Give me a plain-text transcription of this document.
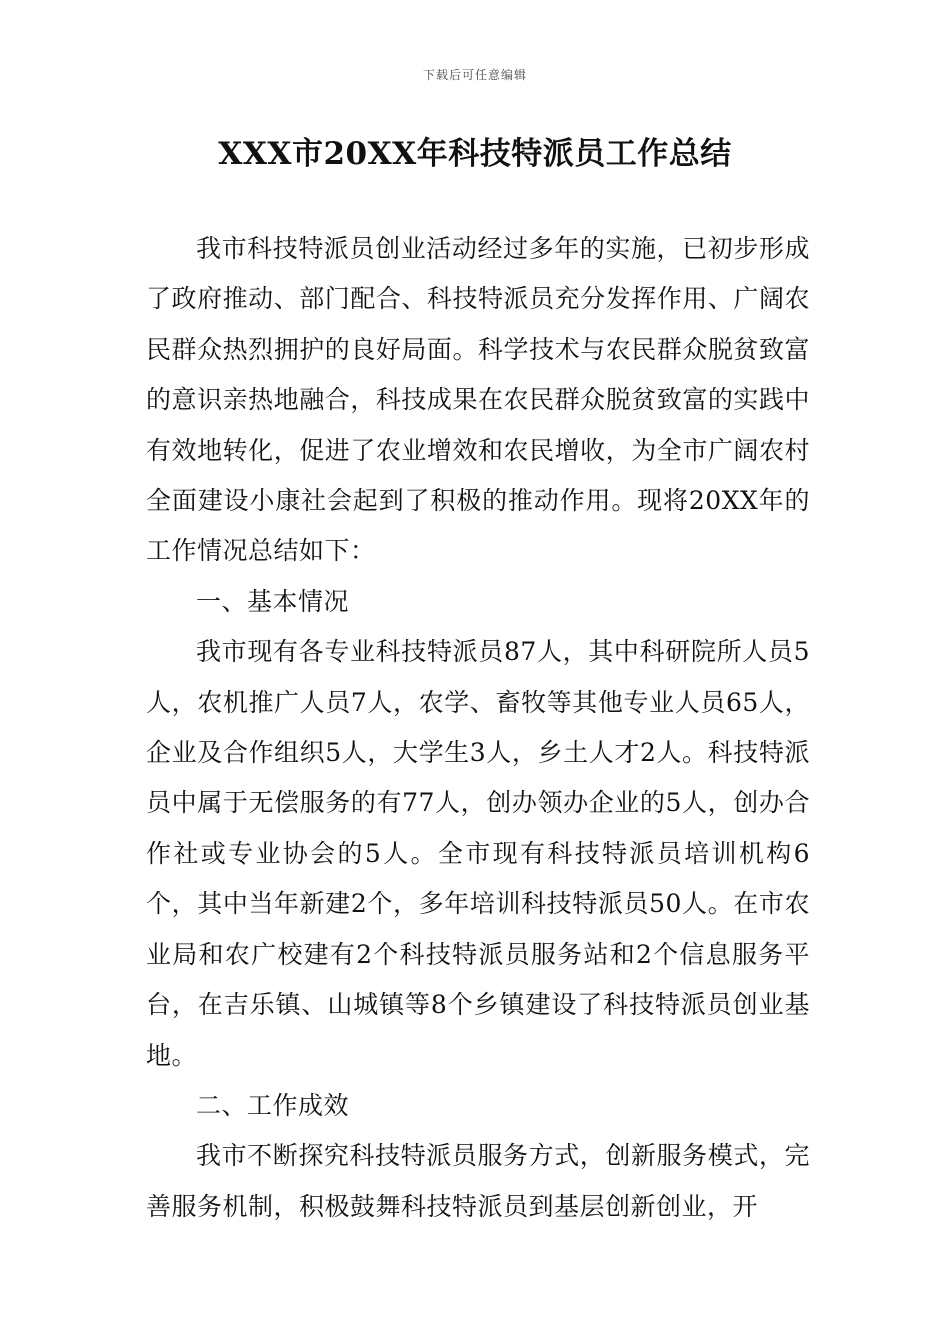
下载后可任意编辑
XXX市20XX年科技特派员工作总结

我市科技特派员创业活动经过多年的实施，已初步形成了政府推动、部门配合、科技特派员充分发挥作用、广阔农民群众热烈拥护的良好局面。科学技术与农民群众脱贫致富的意识亲热地融合，科技成果在农民群众脱贫致富的实践中有效地转化，促进了农业增效和农民增收，为全市广阔农村全面建设小康社会起到了积极的推动作用。现将20XX年的工作情况总结如下：

一、基本情况

我市现有各专业科技特派员87人，其中科研院所人员5人，农机推广人员7人，农学、畜牧等其他专业人员65人，企业及合作组织5人，大学生3人，乡土人才2人。科技特派员中属于无偿服务的有77人，创办领办企业的5人，创办合作社或专业协会的5人。全市现有科技特派员培训机构6个，其中当年新建2个，多年培训科技特派员50人。在市农业局和农广校建有2个科技特派员服务站和2个信息服务平台，在吉乐镇、山城镇等8个乡镇建设了科技特派员创业基地。

二、工作成效

我市不断探究科技特派员服务方式，创新服务模式，完善服务机制，积极鼓舞科技特派员到基层创新创业，开
